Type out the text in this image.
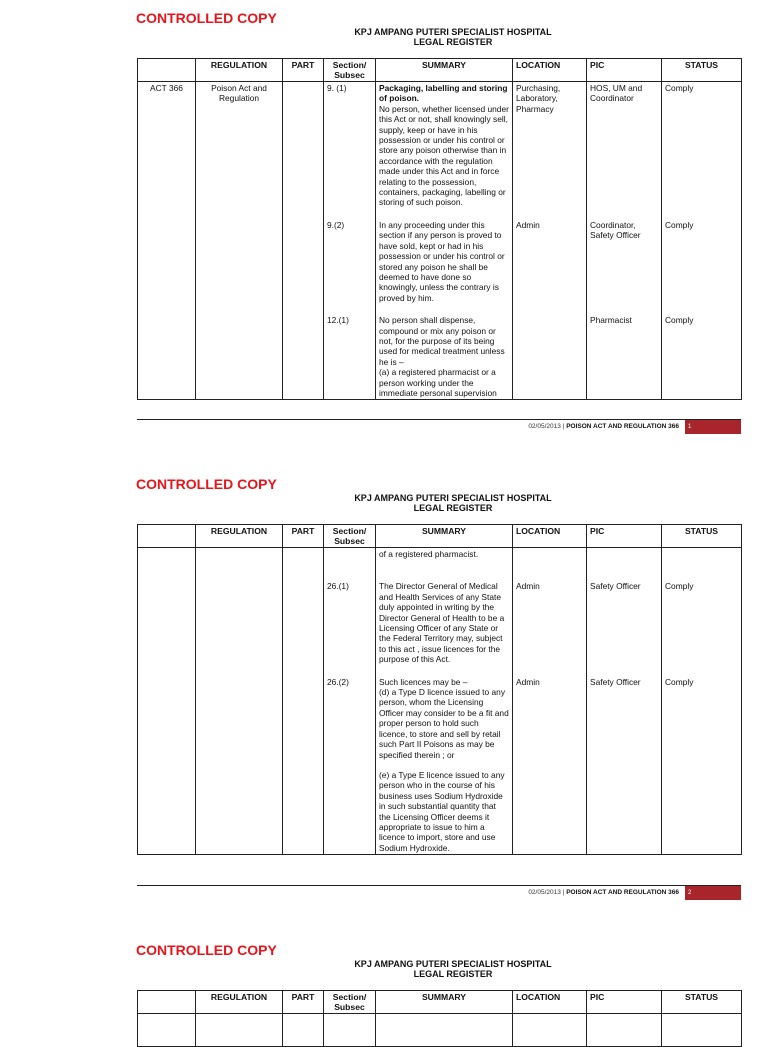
CONTROLLED COPY
KPJ AMPANG PUTERI SPECIALIST HOSPITAL
LEGAL REGISTER
	REGULATION	PART	Section/ Subsec	SUMMARY	LOCATION	PIC	STATUS
ACT 366	Poison Act and Regulation		9. (1)	Packaging, labelling and storing of poison.
No person, whether licensed under this Act or not, shall knowingly sell, supply, keep or have in his possession or under his control or store any poison otherwise than in accordance with the regulation made under this Act and in force relating to the possession, containers, packaging, labelling or storing of such poison.	Purchasing, Laboratory, Pharmacy	HOS, UM and Coordinator	Comply
			9.(2)	In any proceeding under this section if any person is proved to have sold, kept or had in his possession or under his control or stored any poison he shall be deemed to have done so knowingly, unless the contrary is proved by him.	Admin	Coordinator, Safety Officer	Comply
			12.(1)	No person shall dispense, compound or mix any poison or not, for the purpose of its being used for medical treatment unless he is –
(a) a registered pharmacist or a person working under the immediate personal supervision		Pharmacist	Comply
02/05/2013 | POISON ACT AND REGULATION 366	1
CONTROLLED COPY
KPJ AMPANG PUTERI SPECIALIST HOSPITAL
LEGAL REGISTER
	REGULATION	PART	Section/ Subsec	SUMMARY	LOCATION	PIC	STATUS

				of a registered pharmacist.			

			26.(1)	The Director General of Medical and Health Services of any State duly appointed in writing by the Director General of Health to be a Licensing Officer of any State or the Federal Territory may, subject to this act , issue licences for the purpose of this Act.	Admin	Safety Officer	Comply
			26.(2)	Such licences may be –
(d) a Type D licence issued to any person, whom the Licensing Officer may consider to be a fit and proper person to hold such licence, to store and sell by retail such Part II Poisons as may be specified therein ; or
(e) a Type E licence issued to any person who in the course of his business uses Sodium Hydroxide in such substantial quantity that the Licensing Officer deems it appropriate to issue to him a licence to import, store and use Sodium Hydroxide.	Admin	Safety Officer	Comply
02/05/2013 | POISON ACT AND REGULATION 366	2
CONTROLLED COPY
KPJ AMPANG PUTERI SPECIALIST HOSPITAL
LEGAL REGISTER
	REGULATION	PART	Section/ Subsec	SUMMARY	LOCATION	PIC	STATUS
